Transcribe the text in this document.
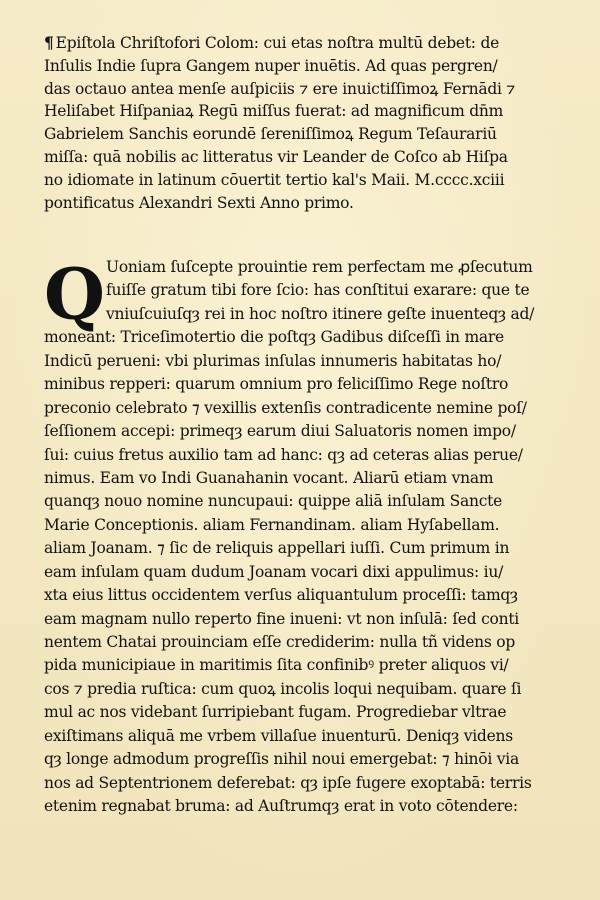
¶ Epiſtola Chriſtofori Colom: cui etas noſtra multū debet: de
Inſulis Indie ſupra Gangem nuper inuētis. Ad quas pergren/
das octauo antea menſe auſpiciis ⁊ ere inuictiſſimoꝝ Fernādi ⁊
Heliſabet Hiſpaniaꝝ Regū miſſus fuerat: ad magnificum dn̄m
Gabrielem Sanchis eorundē ſereniſſimoꝝ Regum Teſaurariū
miſſa: quā nobilis ac litteratus vir Leander de Coſco ab Hiſpa
no idiomate in latinum cōuertit tertio kal's Maii. M.cccc.xciii
pontificatus Alexandri Sexti Anno primo.
Q Uoniam ſuſcepte prouintie rem perfectam me ꝓſecutum
fuiſſe gratum tibi fore ſcio: has conſtitui exarare: que te
vniuſcuiuſqȝ rei in hoc noſtro itinere geſte inuenteqȝ ad/
moneant: Triceſimotertio die poſtqȝ Gadibus diſceſſi in mare
Indicū perueni: vbi plurimas inſulas innumeris habitatas ho/
minibus repperi: quarum omnium pro feliciſſimo Rege noſtro
preconio celebrato ⁊ vexillis extenſis contradicente nemine poſ/
ſeſſionem accepi: primeqȝ earum diui Saluatoris nomen impo/
ſui: cuius fretus auxilio tam ad hanc: qȝ ad ceteras alias perue/
nimus. Eam vo Indi Guanahanin vocant. Aliarū etiam vnam
quanqȝ nouo nomine nuncupaui: quippe aliā inſulam Sancte
Marie Conceptionis. aliam Fernandinam. aliam Hyſabellam.
aliam Joanam. ⁊ ſic de reliquis appellari iuſſi. Cum primum in
eam inſulam quam dudum Joanam vocari dixi appulimus: iu/
xta eius littus occidentem verſus aliquantulum proceſſi: tamqȝ
eam magnam nullo reperto fine inueni: vt non inſulā: ſed conti
nentem Chatai prouinciam eſſe crediderim: nulla tñ videns op
pida municipiaue in maritimis ſita confinibꝰ preter aliquos vi/
cos ⁊ predia ruſtica: cum quoꝝ incolis loqui nequibam. quare ſi
mul ac nos videbant ſurripiebant fugam. Progrediebar vltrae
exiſtimans aliquā me vrbem villaſue inuenturū. Deniqȝ videns
qȝ longe admodum progreſſis nihil noui emergebat: ⁊ hinōi via
nos ad Septentrionem deferebat: qȝ ipſe fugere exoptabā: terris
etenim regnabat bruma: ad Auſtrumqȝ erat in voto cōtendere:
